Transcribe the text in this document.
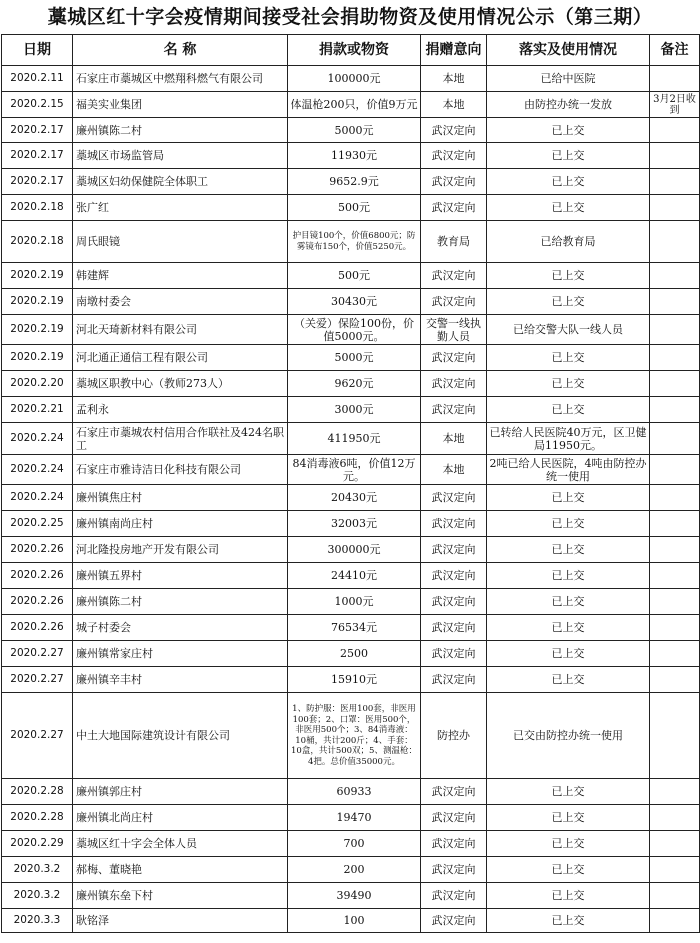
藁城区红十字会疫情期间接受社会捐助物资及使用情况公示（第三期）
日期	名 称	捐款或物资	捐赠意向	落实及使用情况	备注
2020.2.11	石家庄市藁城区中燃翔科燃气有限公司	100000元	本地	已给中医院	
2020.2.15	福美实业集团	体温枪200只，价值9万元	本地	由防控办统一发放	3月2日收到
2020.2.17	廉州镇陈二村	5000元	武汉定向	已上交	
2020.2.17	藁城区市场监管局	11930元	武汉定向	已上交	
2020.2.17	藁城区妇幼保健院全体职工	9652.9元	武汉定向	已上交	
2020.2.18	张广红	500元	武汉定向	已上交	
2020.2.18	周氏眼镜	护目镜100个，价值6800元；防雾镜布150个，价值5250元。	教育局	已给教育局	
2020.2.19	韩建辉	500元	武汉定向	已上交	
2020.2.19	南墩村委会	30430元	武汉定向	已上交	
2020.2.19	河北天琦新材料有限公司	（关爱）保险100份，价值5000元。	交警一线执勤人员	已给交警大队一线人员	
2020.2.19	河北通正通信工程有限公司	5000元	武汉定向	已上交	
2020.2.20	藁城区职教中心（教师273人）	9620元	武汉定向	已上交	
2020.2.21	孟利永	3000元	武汉定向	已上交	
2020.2.24	石家庄市藁城农村信用合作联社及424名职工	411950元	本地	已转给人民医院40万元，区卫健局11950元。	
2020.2.24	石家庄市雅诗洁日化科技有限公司	84消毒液6吨，价值12万元。	本地	2吨已给人民医院，4吨由防控办统一使用	
2020.2.24	廉州镇焦庄村	20430元	武汉定向	已上交	
2020.2.25	廉州镇南尚庄村	32003元	武汉定向	已上交	
2020.2.26	河北隆投房地产开发有限公司	300000元	武汉定向	已上交	
2020.2.26	廉州镇五界村	24410元	武汉定向	已上交	
2020.2.26	廉州镇陈二村	1000元	武汉定向	已上交	
2020.2.26	城子村委会	76534元	武汉定向	已上交	
2020.2.27	廉州镇常家庄村	2500	武汉定向	已上交	
2020.2.27	廉州镇辛丰村	15910元	武汉定向	已上交	
2020.2.27	中土大地国际建筑设计有限公司	1、防护服：医用100套，非医用100套；2、口罩：医用500个，非医用500个；3、84消毒液：10桶，共计200斤；4、手套：10盒，共计500双；5、测温枪：4把。总价值35000元。	防控办	已交由防控办统一使用	
2020.2.28	廉州镇郭庄村	60933	武汉定向	已上交	
2020.2.28	廉州镇北尚庄村	19470	武汉定向	已上交	
2020.2.29	藁城区红十字会全体人员	700	武汉定向	已上交	
2020.3.2	郝梅、董晓艳	200	武汉定向	已上交	
2020.3.2	廉州镇东垒下村	39490	武汉定向	已上交	
2020.3.3	耿铭泽	100	武汉定向	已上交	
